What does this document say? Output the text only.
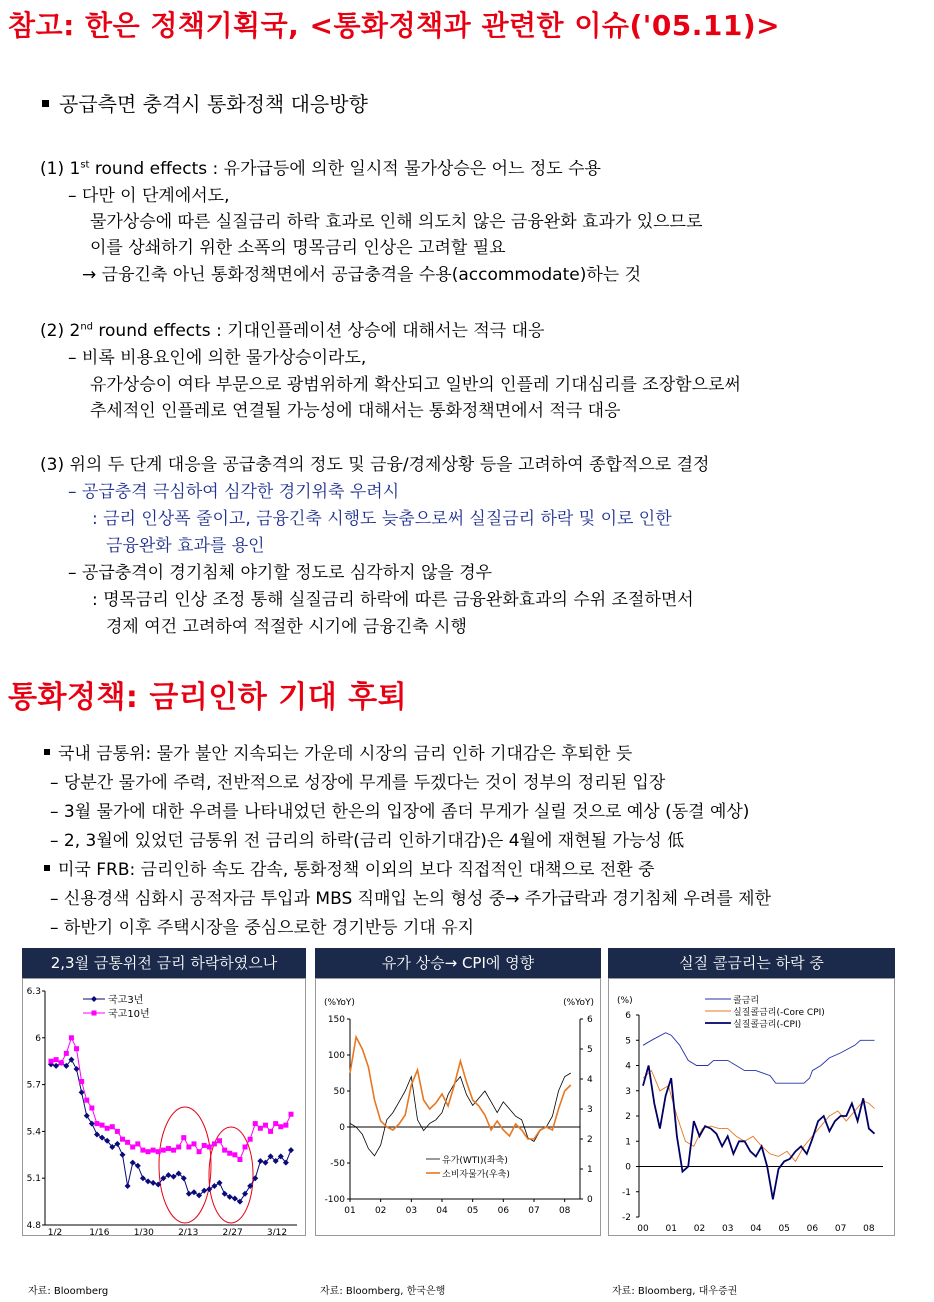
참고: 한은 정책기획국, <통화정책과 관련한 이슈('05.11)>
공급측면 충격시 통화정책 대응방향
(1) 1st round effects : 유가급등에 의한 일시적 물가상승은 어느 정도 수용
– 다만 이 단계에서도,
물가상승에 따른 실질금리 하락 효과로 인해 의도치 않은 금융완화 효과가 있으므로
이를 상쇄하기 위한 소폭의 명목금리 인상은 고려할 필요
→ 금융긴축 아닌 통화정책면에서 공급충격을 수용(accommodate)하는 것
(2) 2nd round effects : 기대인플레이션 상승에 대해서는 적극 대응
– 비록 비용요인에 의한 물가상승이라도,
유가상승이 여타 부문으로 광범위하게 확산되고 일반의 인플레 기대심리를 조장함으로써
추세적인 인플레로 연결될 가능성에 대해서는 통화정책면에서 적극 대응
(3) 위의 두 단계 대응을 공급충격의 정도 및 금융/경제상황 등을 고려하여 종합적으로 결정
– 공급충격 극심하여 심각한 경기위축 우려시
: 금리 인상폭 줄이고, 금융긴축 시행도 늦춤으로써 실질금리 하락 및 이로 인한
금융완화 효과를 용인
– 공급충격이 경기침체 야기할 정도로 심각하지 않을 경우
: 명목금리 인상 조정 통해 실질금리 하락에 따른 금융완화효과의 수위 조절하면서
경제 여건 고려하여 적절한 시기에 금융긴축 시행
통화정책: 금리인하 기대 후퇴
국내 금통위: 물가 불안 지속되는 가운데 시장의 금리 인하 기대감은 후퇴한 듯
– 당분간 물가에 주력, 전반적으로 성장에 무게를 두겠다는 것이 정부의 정리된 입장
– 3월 물가에 대한 우려를 나타내었던 한은의 입장에 좀더 무게가 실릴 것으로 예상 (동결 예상)
– 2, 3월에 있었던 금통위 전 금리의 하락(금리 인하기대감)은 4월에 재현될 가능성 低
미국 FRB: 금리인하 속도 감속, 통화정책 이외의 보다 직접적인 대책으로 전환 중
– 신용경색 심화시 공적자금 투입과 MBS 직매입 논의 형성 중→ 주가급락과 경기침체 우려를 제한
– 하반기 이후 주택시장을 중심으로한 경기반등 기대 유지
2,3월 금통위전 금리 하락하였으나
4.8
5.1
5.4
5.7
6
6.3
1/2	1/16	1/30	2/13	2/27	3/12
국고3년
국고10년
자료: Bloomberg
유가 상승→ CPI에 영향
(%YoY)	(%YoY)
-100
-50
0
50
100
150
0
1
2
3
4
5
6
01 02 03 04 05 06 07 08
유가(WTI)(좌축)
소비자물가(우축)
자료: Bloomberg, 한국은행
실질 콜금리는 하락 중
(%)
-2
-1
0
1
2
3
4
5
6
00 01 02 03 04 05 06 07 08
콜금리
실질콜금리(-Core CPI)
실질콜금리(-CPI)
자료: Bloomberg, 대우증권
